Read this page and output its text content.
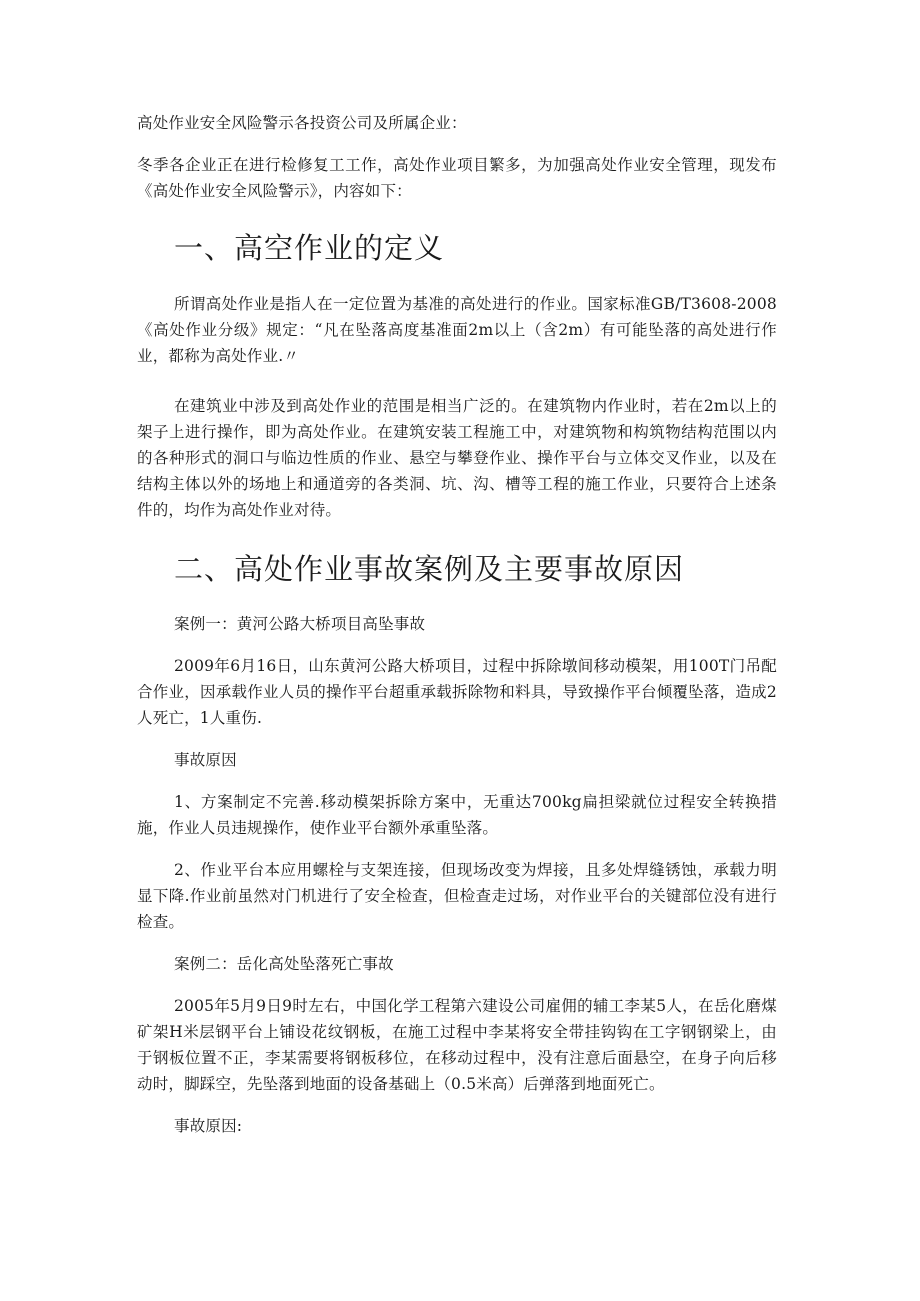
高处作业安全风险警示各投资公司及所属企业：

冬季各企业正在进行检修复工工作，高处作业项目繁多，为加强高处作业安全管理，现发布《高处作业安全风险警示》，内容如下：

一、高空作业的定义

所谓高处作业是指人在一定位置为基准的高处进行的作业。国家标准GB/T3608-2008《高处作业分级》规定：“凡在坠落高度基准面2m以上（含2m）有可能坠落的高处进行作业，都称为高处作业.〃

在建筑业中涉及到高处作业的范围是相当广泛的。在建筑物内作业时，若在2m以上的架子上进行操作，即为高处作业。在建筑安装工程施工中，对建筑物和构筑物结构范围以内的各种形式的洞口与临边性质的作业、悬空与攀登作业、操作平台与立体交叉作业，以及在结构主体以外的场地上和通道旁的各类洞、坑、沟、槽等工程的施工作业，只要符合上述条件的，均作为高处作业对待。

二、高处作业事故案例及主要事故原因

案例一：黄河公路大桥项目高坠事故

2009年6月16日，山东黄河公路大桥项目，过程中拆除墩间移动模架，用100T门吊配合作业，因承载作业人员的操作平台超重承载拆除物和料具，导致操作平台倾覆坠落，造成2人死亡，1人重伤.

事故原因

1、方案制定不完善.移动模架拆除方案中，无重达700kg扁担梁就位过程安全转换措施，作业人员违规操作，使作业平台额外承重坠落。

2、作业平台本应用螺栓与支架连接，但现场改变为焊接，且多处焊缝锈蚀，承载力明显下降.作业前虽然对门机进行了安全检查，但检查走过场，对作业平台的关键部位没有进行检查。

案例二：岳化高处坠落死亡事故

2005年5月9日9时左右，中国化学工程第六建设公司雇佣的辅工李某5人，在岳化磨煤矿架H米层钢平台上铺设花纹钢板，在施工过程中李某将安全带挂钩钩在工字钢钢梁上，由于钢板位置不正，李某需要将钢板移位，在移动过程中，没有注意后面悬空，在身子向后移动时，脚踩空，先坠落到地面的设备基础上（0.5米高）后弹落到地面死亡。

事故原因:
